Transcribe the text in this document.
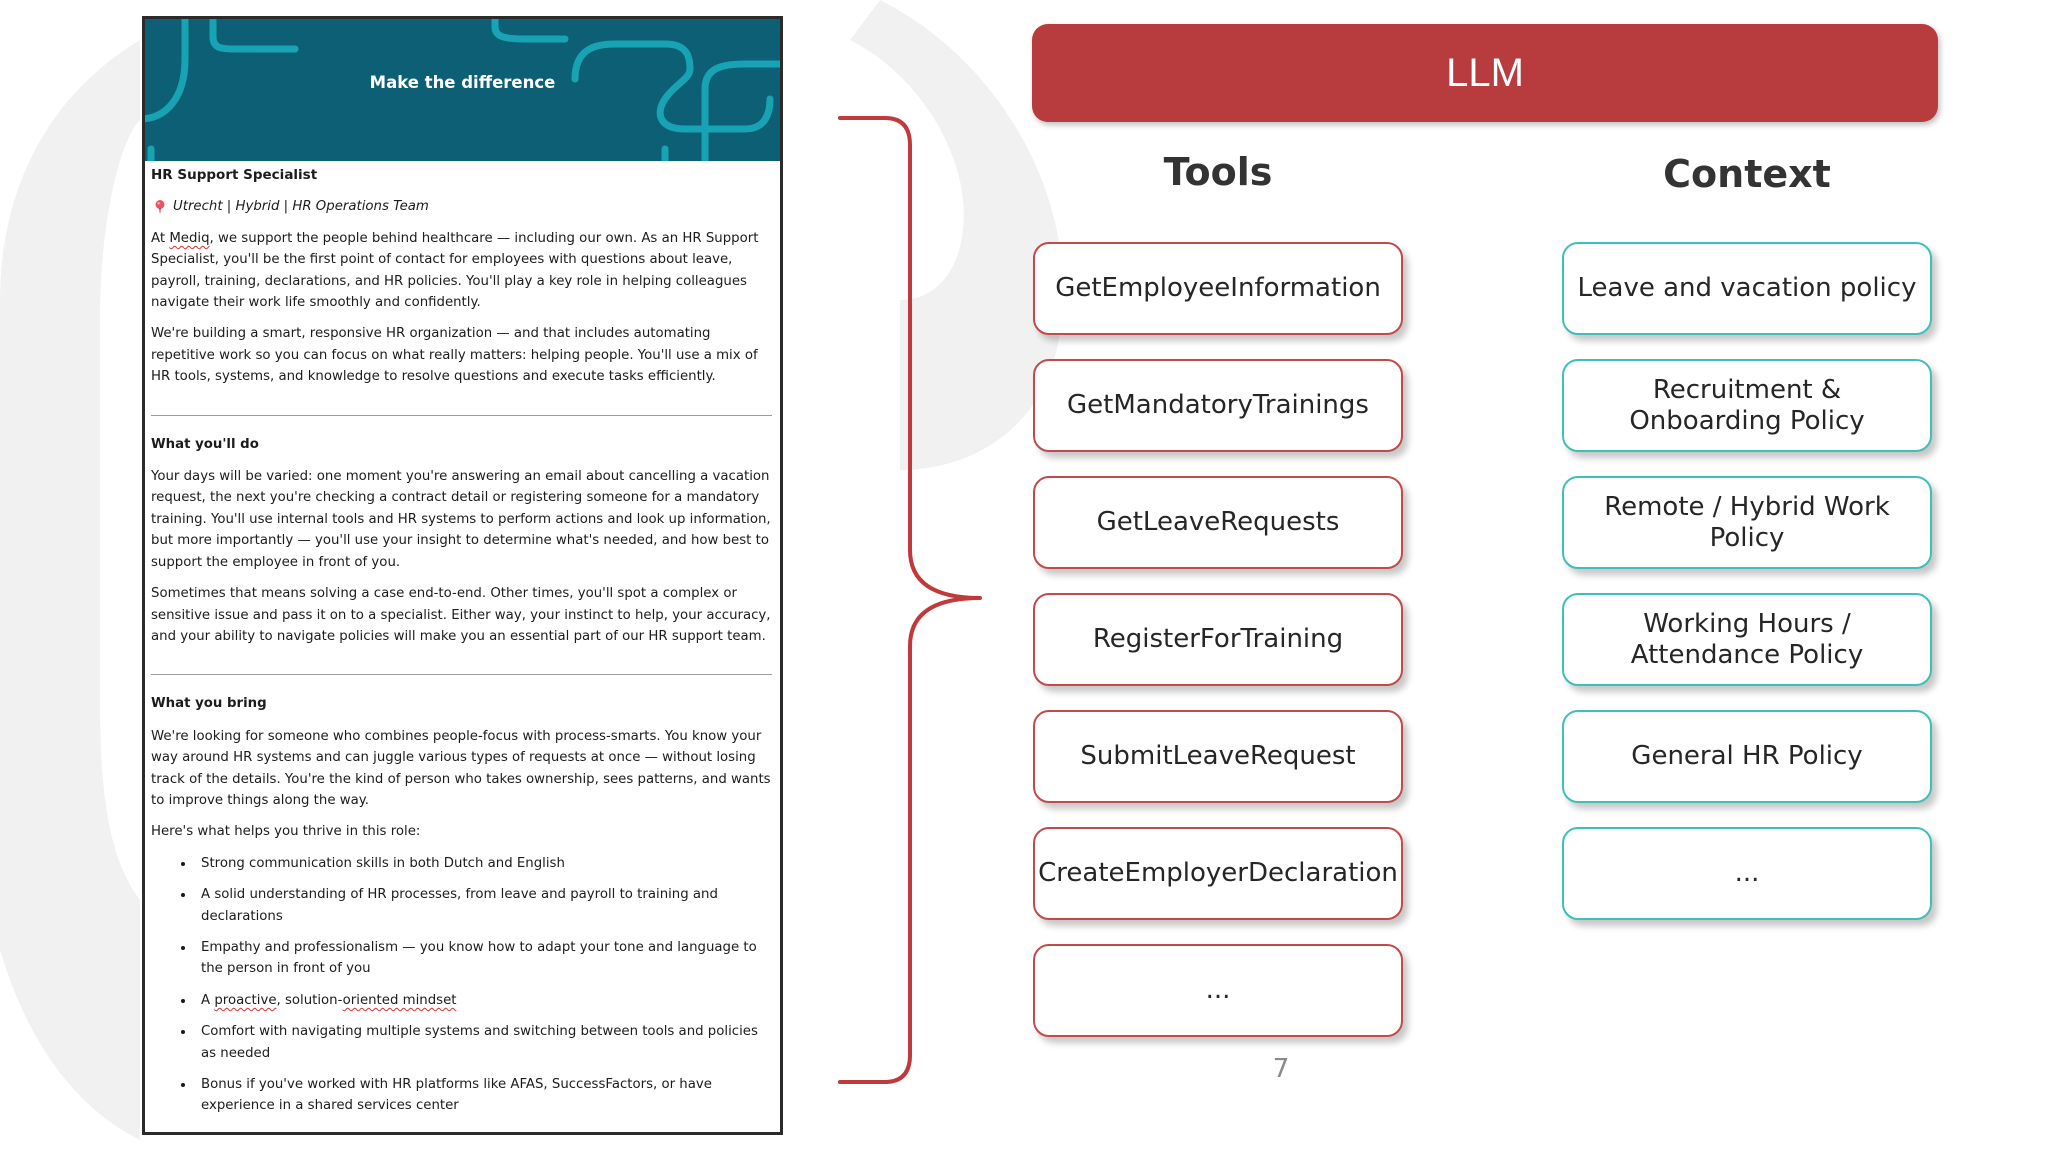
Make the difference
HR Support Specialist
Utrecht | Hybrid | HR Operations Team

At Mediq, we support the people behind healthcare — including our own. As an HR Support Specialist, you'll be the first point of contact for employees with questions about leave, payroll, training, declarations, and HR policies. You'll play a key role in helping colleagues navigate their work life smoothly and confidently.

We're building a smart, responsive HR organization — and that includes automating repetitive work so you can focus on what really matters: helping people. You'll use a mix of HR tools, systems, and knowledge to resolve questions and execute tasks efficiently.

What you'll do

Your days will be varied: one moment you're answering an email about cancelling a vacation request, the next you're checking a contract detail or registering someone for a mandatory training. You'll use internal tools and HR systems to perform actions and look up information, but more importantly — you'll use your insight to determine what's needed, and how best to support the employee in front of you.

Sometimes that means solving a case end-to-end. Other times, you'll spot a complex or sensitive issue and pass it on to a specialist. Either way, your instinct to help, your accuracy, and your ability to navigate policies will make you an essential part of our HR support team.

What you bring

We're looking for someone who combines people-focus with process-smarts. You know your way around HR systems and can juggle various types of requests at once — without losing track of the details. You're the kind of person who takes ownership, sees patterns, and wants to improve things along the way.

Here's what helps you thrive in this role:

• Strong communication skills in both Dutch and English
• A solid understanding of HR processes, from leave and payroll to training and declarations
• Empathy and professionalism — you know how to adapt your tone and language to the person in front of you
• A proactive, solution-oriented mindset
• Comfort with navigating multiple systems and switching between tools and policies as needed
• Bonus if you've worked with HR platforms like AFAS, SuccessFactors, or have experience in a shared services center
LLM
Tools	Context
GetEmployeeInformation
GetMandatoryTrainings
GetLeaveRequests
RegisterForTraining
SubmitLeaveRequest
CreateEmployerDeclaration
...
Leave and vacation policy
Recruitment & Onboarding Policy
Remote / Hybrid Work Policy
Working Hours / Attendance Policy
General HR Policy
...
7
